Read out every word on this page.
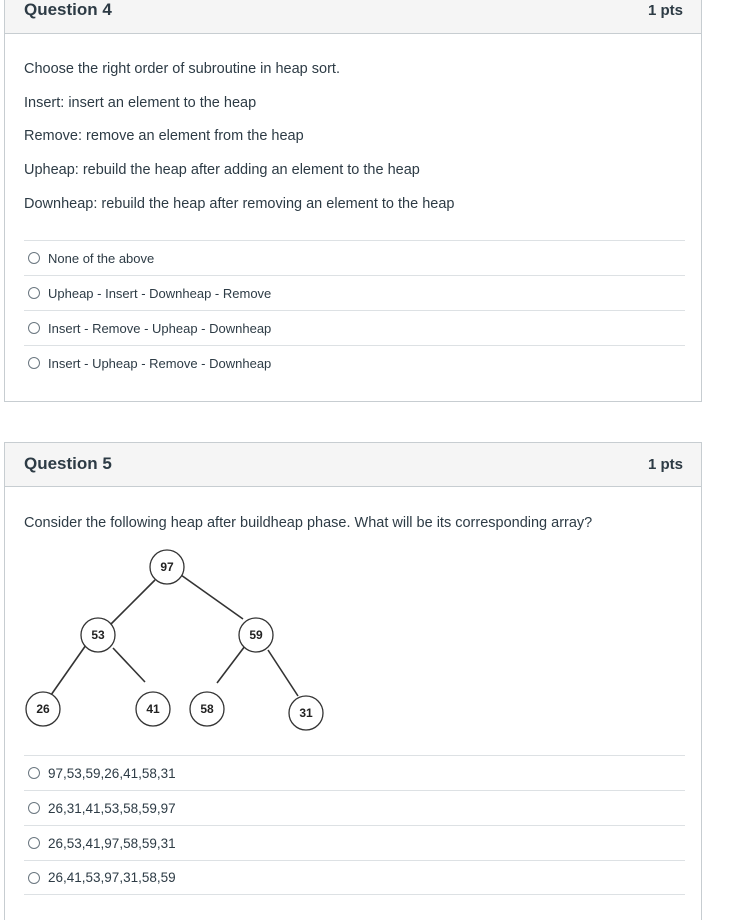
Question 4	1 pts
Choose the right order of subroutine in heap sort.
Insert: insert an element to the heap
Remove: remove an element from the heap
Upheap: rebuild the heap after adding an element to the heap
Downheap: rebuild the heap after removing an element to the heap
None of the above
Upheap - Insert - Downheap - Remove
Insert - Remove - Upheap - Downheap
Insert - Upheap - Remove - Downheap
Question 5	1 pts
Consider the following heap after buildheap phase. What will be its corresponding array?
97
53	59
26	41	58	31
97,53,59,26,41,58,31
26,31,41,53,58,59,97
26,53,41,97,58,59,31
26,41,53,97,31,58,59
